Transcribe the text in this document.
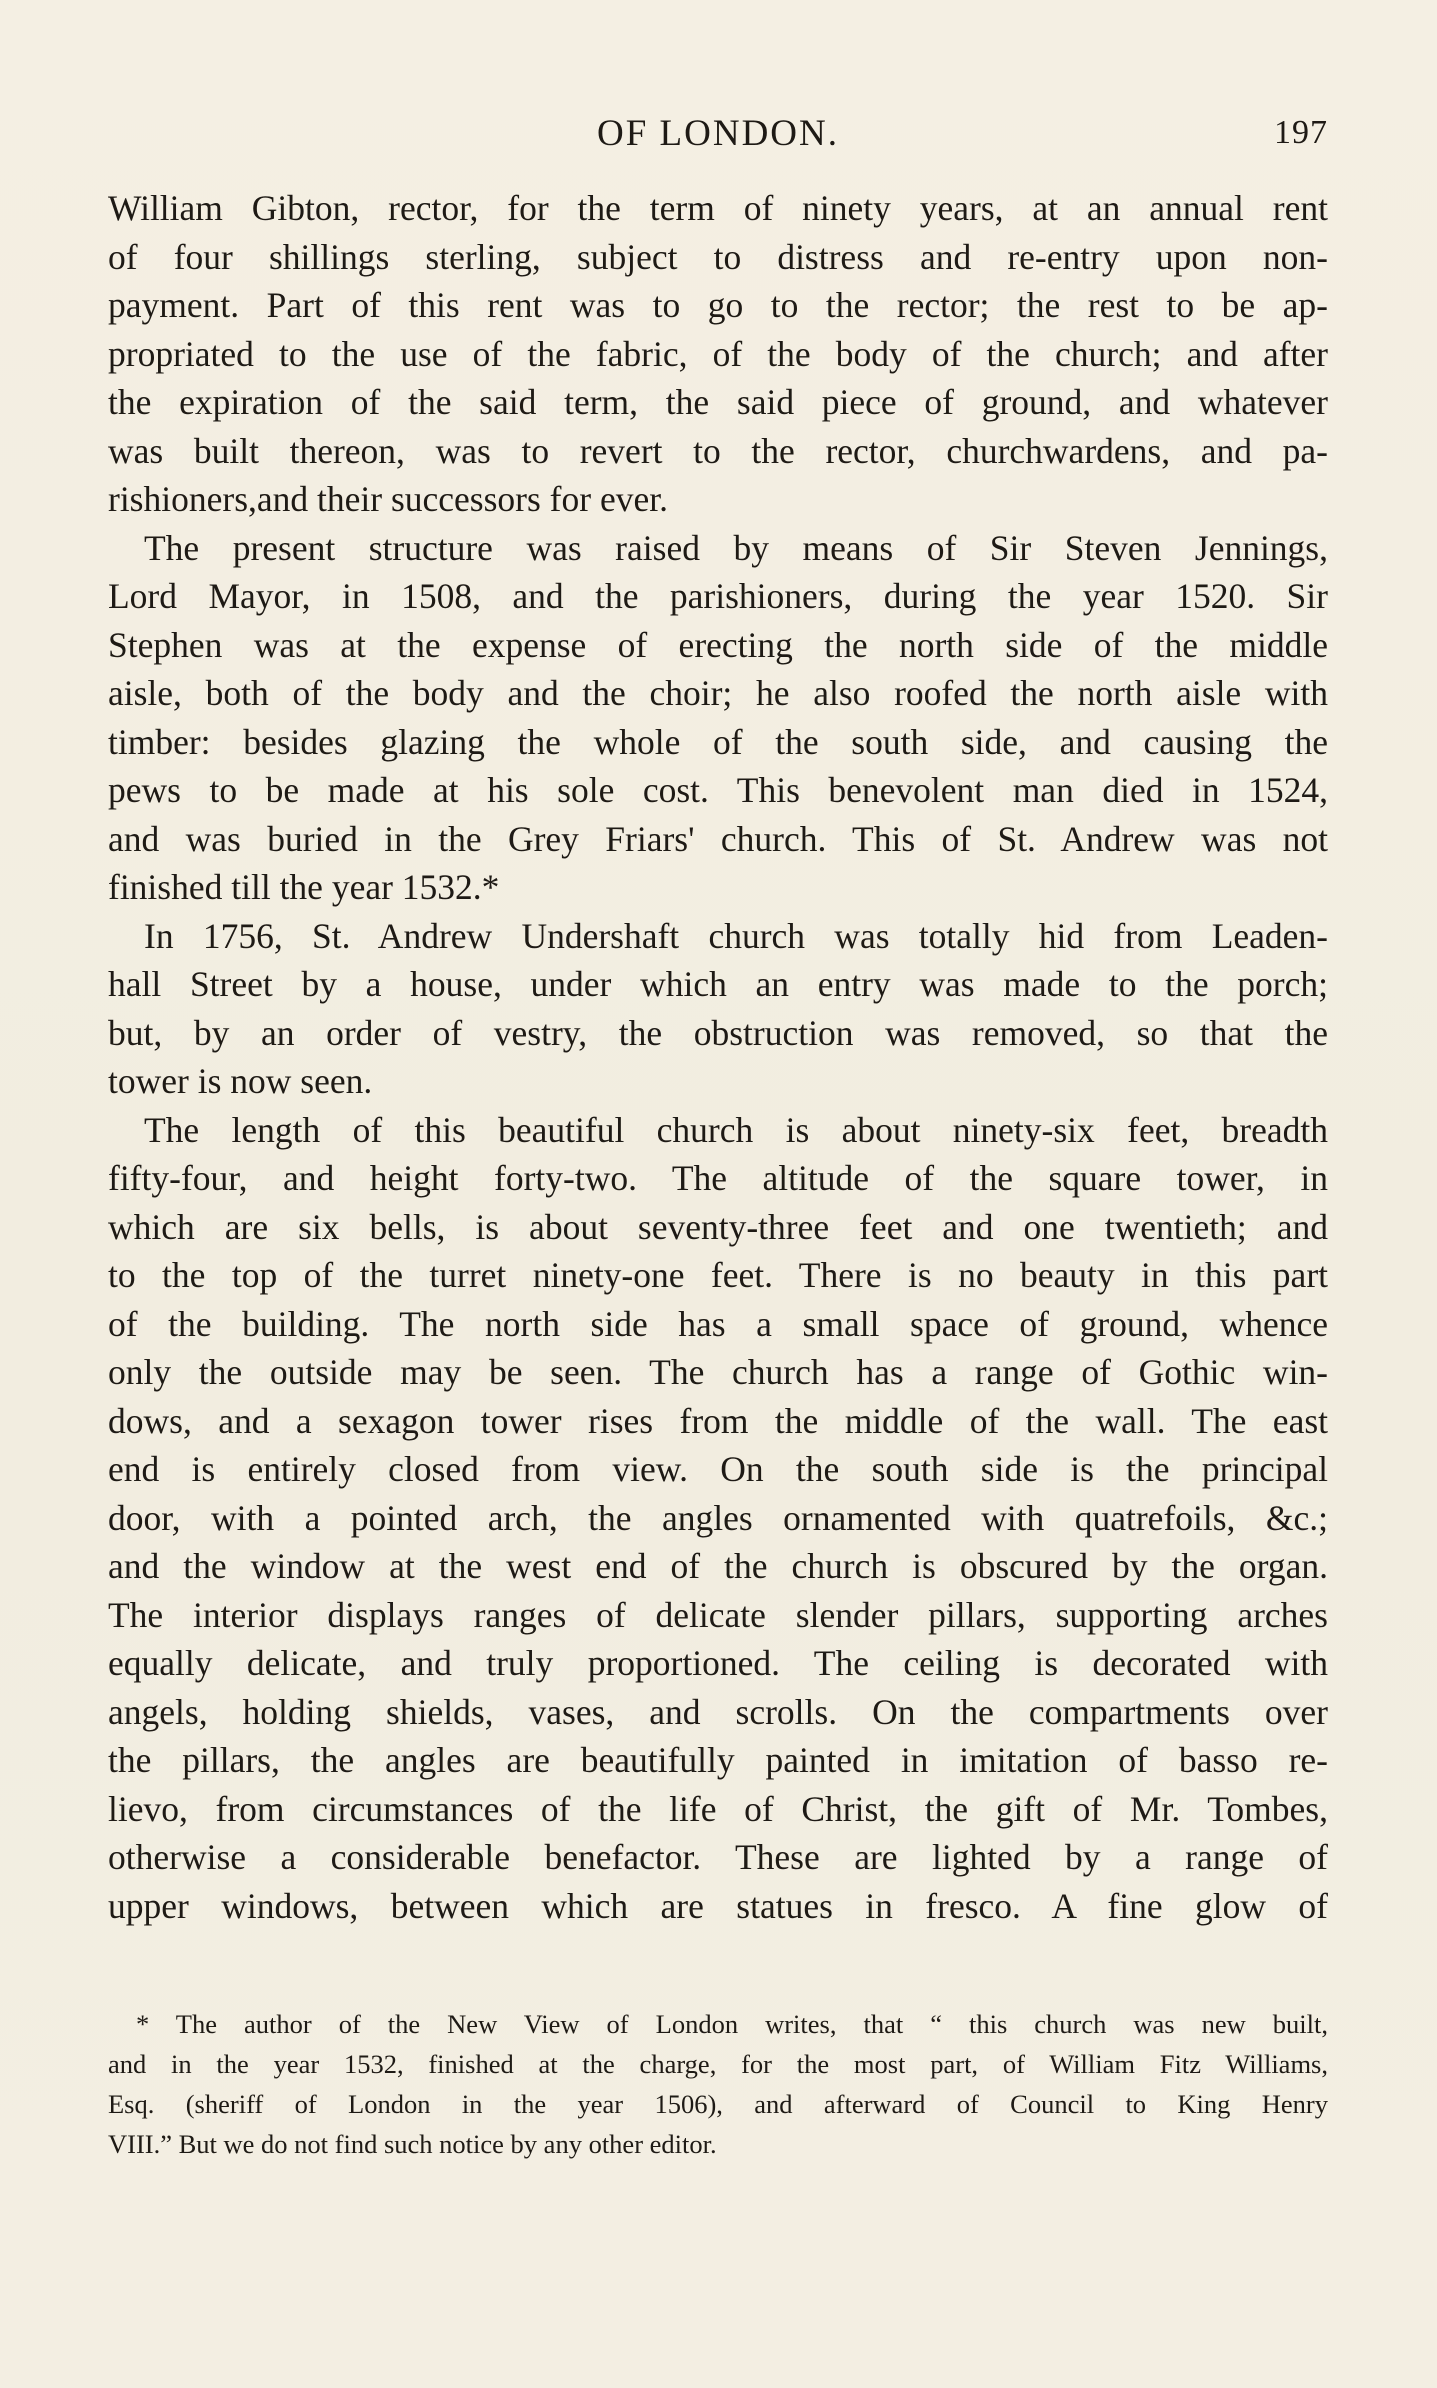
OF LONDON.	197
William Gibton, rector, for the term of ninety years, at an annual rent
of four shillings sterling, subject to distress and re-entry upon non-
payment. Part of this rent was to go to the rector; the rest to be ap-
propriated to the use of the fabric, of the body of the church; and after
the expiration of the said term, the said piece of ground, and whatever
was built thereon, was to revert to the rector, churchwardens, and pa-
rishioners,and their successors for ever.
The present structure was raised by means of Sir Steven Jennings,
Lord Mayor, in 1508, and the parishioners, during the year 1520. Sir
Stephen was at the expense of erecting the north side of the middle
aisle, both of the body and the choir; he also roofed the north aisle with
timber: besides glazing the whole of the south side, and causing the
pews to be made at his sole cost. This benevolent man died in 1524,
and was buried in the Grey Friars' church. This of St. Andrew was not
finished till the year 1532.*
In 1756, St. Andrew Undershaft church was totally hid from Leaden-
hall Street by a house, under which an entry was made to the porch;
but, by an order of vestry, the obstruction was removed, so that the
tower is now seen.
The length of this beautiful church is about ninety-six feet, breadth
fifty-four, and height forty-two. The altitude of the square tower, in
which are six bells, is about seventy-three feet and one twentieth; and
to the top of the turret ninety-one feet. There is no beauty in this part
of the building. The north side has a small space of ground, whence
only the outside may be seen. The church has a range of Gothic win-
dows, and a sexagon tower rises from the middle of the wall. The east
end is entirely closed from view. On the south side is the principal
door, with a pointed arch, the angles ornamented with quatrefoils, &c.;
and the window at the west end of the church is obscured by the organ.
The interior displays ranges of delicate slender pillars, supporting arches
equally delicate, and truly proportioned. The ceiling is decorated with
angels, holding shields, vases, and scrolls. On the compartments over
the pillars, the angles are beautifully painted in imitation of basso re-
lievo, from circumstances of the life of Christ, the gift of Mr. Tombes,
otherwise a considerable benefactor. These are lighted by a range of
upper windows, between which are statues in fresco. A fine glow of
* The author of the New View of London writes, that “ this church was new built,
and in the year 1532, finished at the charge, for the most part, of William Fitz Williams,
Esq. (sheriff of London in the year 1506), and afterward of Council to King Henry
VIII.” But we do not find such notice by any other editor.
